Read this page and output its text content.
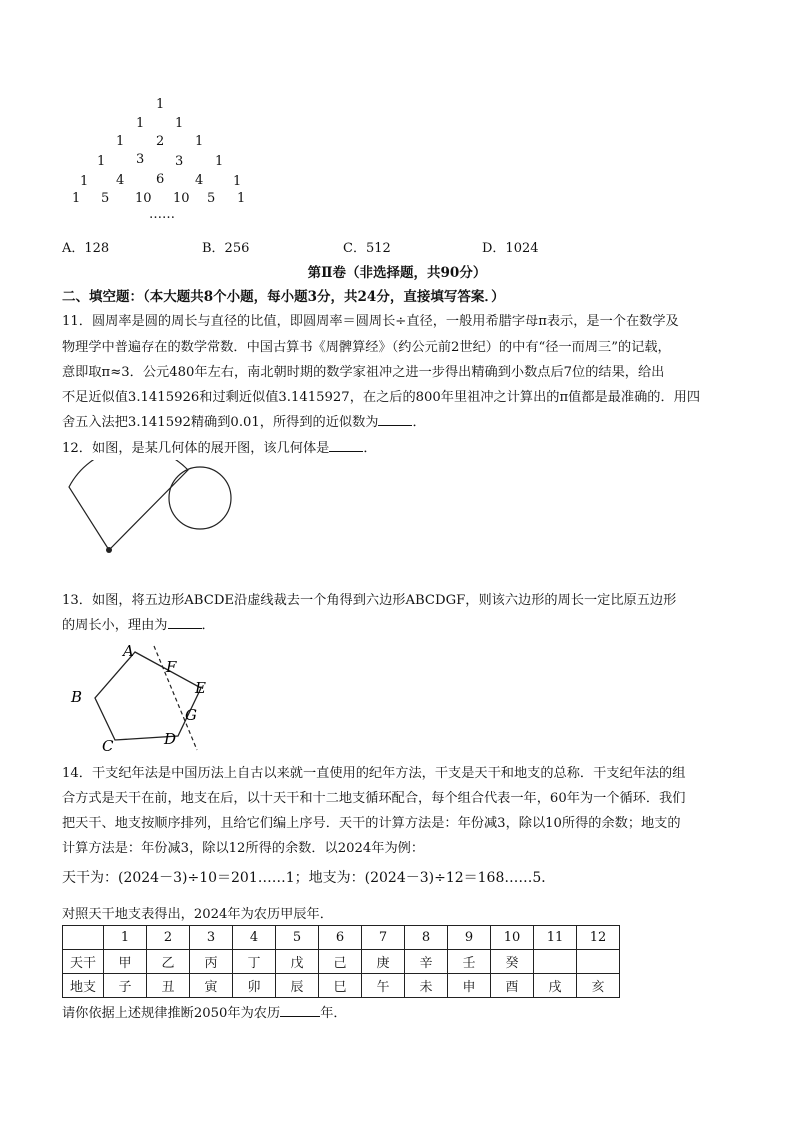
1
1 1
1 2 1
1 3 3 1
1 4 6 4 1
1 5 10 10 5 1
……
A．128	B．256	C．512	D．1024
第Ⅱ卷（非选择题，共90分）
二、填空题：（本大题共8个小题，每小题3分，共24分，直接填写答案．）
11．圆周率是圆的周长与直径的比值，即圆周率＝圆周长÷直径，一般用希腊字母π表示，是一个在数学及
物理学中普遍存在的数学常数．中国古算书《周髀算经》（约公元前2世纪）的中有“径一而周三”的记载，
意即取π≈3．公元480年左右，南北朝时期的数学家祖冲之进一步得出精确到小数点后7位的结果，给出
不足近似值3.1415926和过剩近似值3.1415927，在之后的800年里祖冲之计算出的π值都是最准确的．用四
舍五入法把3.141592精确到0.01，所得到的近似数为	．
12．如图，是某几何体的展开图，该几何体是	．
13．如图，将五边形ABCDE沿虚线裁去一个角得到六边形ABCDGF，则该六边形的周长一定比原五边形
的周长小，理由为	．
A
B
C	D
E
F
G
14．干支纪年法是中国历法上自古以来就一直使用的纪年方法，干支是天干和地支的总称．干支纪年法的组
合方式是天干在前，地支在后，以十天干和十二地支循环配合，每个组合代表一年，60年为一个循环．我们
把天干、地支按顺序排列，且给它们编上序号．天干的计算方法是：年份减3，除以10所得的余数；地支的
计算方法是：年份减3，除以12所得的余数．以2024年为例：
天干为：(2024－3)÷10＝201……1；地支为：(2024－3)÷12＝168……5．
对照天干地支表得出，2024年为农历甲辰年．
	1	2	3	4	5	6	7	8	9	10	11	12
天干	甲	乙	丙	丁	戊	己	庚	辛	壬	癸		
地支	子	丑	寅	卯	辰	巳	午	未	申	酉	戌	亥
请你依据上述规律推断2050年为农历	年．
